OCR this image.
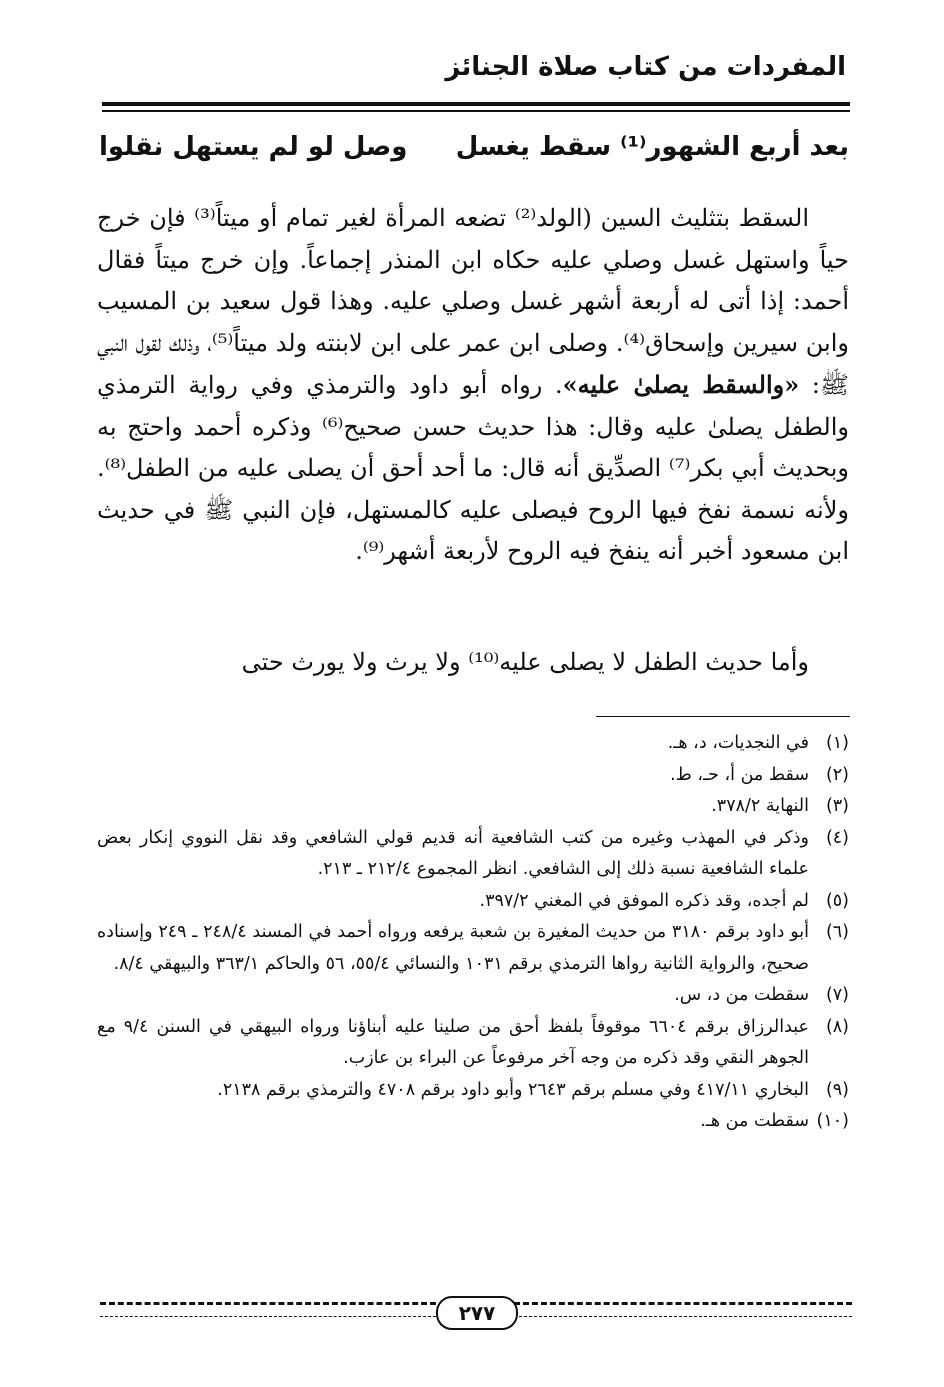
المفردات من كتاب صلاة الجنائز
بعد أربع الشهور⁽¹⁾ سقط يغسل
وصل لو لم يستهل نقلوا

السقط بتثليث السين (الولد⁽²⁾ تضعه المرأة لغير تمام أو ميتاً⁽³⁾ فإن خرج حياً واستهل غسل وصلي عليه حكاه ابن المنذر إجماعاً. وإن خرج ميتاً فقال أحمد: إذا أتى له أربعة أشهر غسل وصلي عليه. وهذا قول سعيد بن المسيب وابن سيرين وإسحاق⁽⁴⁾. وصلى ابن عمر على ابن لابنته ولد ميتاً⁽⁵⁾، وذلك لقول النبي ﷺ: «والسقط يصلىٰ عليه». رواه أبو داود والترمذي وفي رواية الترمذي والطفل يصلىٰ عليه وقال: هذا حديث حسن صحيح⁽⁶⁾ وذكره أحمد واحتج به وبحديث أبي بكر⁽⁷⁾ الصدِّيق أنه قال: ما أحد أحق أن يصلى عليه من الطفل⁽⁸⁾. ولأنه نسمة نفخ فيها الروح فيصلى عليه كالمستهل، فإن النبي ﷺ في حديث ابن مسعود أخبر أنه ينفخ فيه الروح لأربعة أشهر⁽⁹⁾.

وأما حديث الطفل لا يصلى عليه⁽¹⁰⁾ ولا يرث ولا يورث حتى
(١)
في النجديات، د، هـ.
(٢)
سقط من أ، حـ، ط.
(٣)
النهاية ٣٧٨/٢.
(٤)
وذكر في المهذب وغيره من كتب الشافعية أنه قديم قولي الشافعي وقد نقل النووي إنكار بعض علماء الشافعية نسبة ذلك إلى الشافعي. انظر المجموع ٢١٢/٤ ـ ٢١٣.
(٥)
لم أجده، وقد ذكره الموفق في المغني ٣٩٧/٢.
(٦)
أبو داود برقم ٣١٨٠ من حديث المغيرة بن شعبة يرفعه ورواه أحمد في المسند ٢٤٨/٤ ـ ٢٤٩ وإسناده صحيح، والرواية الثانية رواها الترمذي برقم ١٠٣١ والنسائي ٥٥/٤، ٥٦ والحاكم ٣٦٣/١ والبيهقي ٨/٤.
(٧)
سقطت من د، س.
(٨)
عبدالرزاق برقم ٦٦٠٤ موقوفاً بلفظ أحق من صلينا عليه أبناؤنا ورواه البيهقي في السنن ٩/٤ مع الجوهر النقي وقد ذكره من وجه آخر مرفوعاً عن البراء بن عازب.
(٩)
البخاري ٤١٧/١١ وفي مسلم برقم ٢٦٤٣ وأبو داود برقم ٤٧٠٨ والترمذي برقم ٢١٣٨.
(١٠)
سقطت من هـ.
٢٧٧
